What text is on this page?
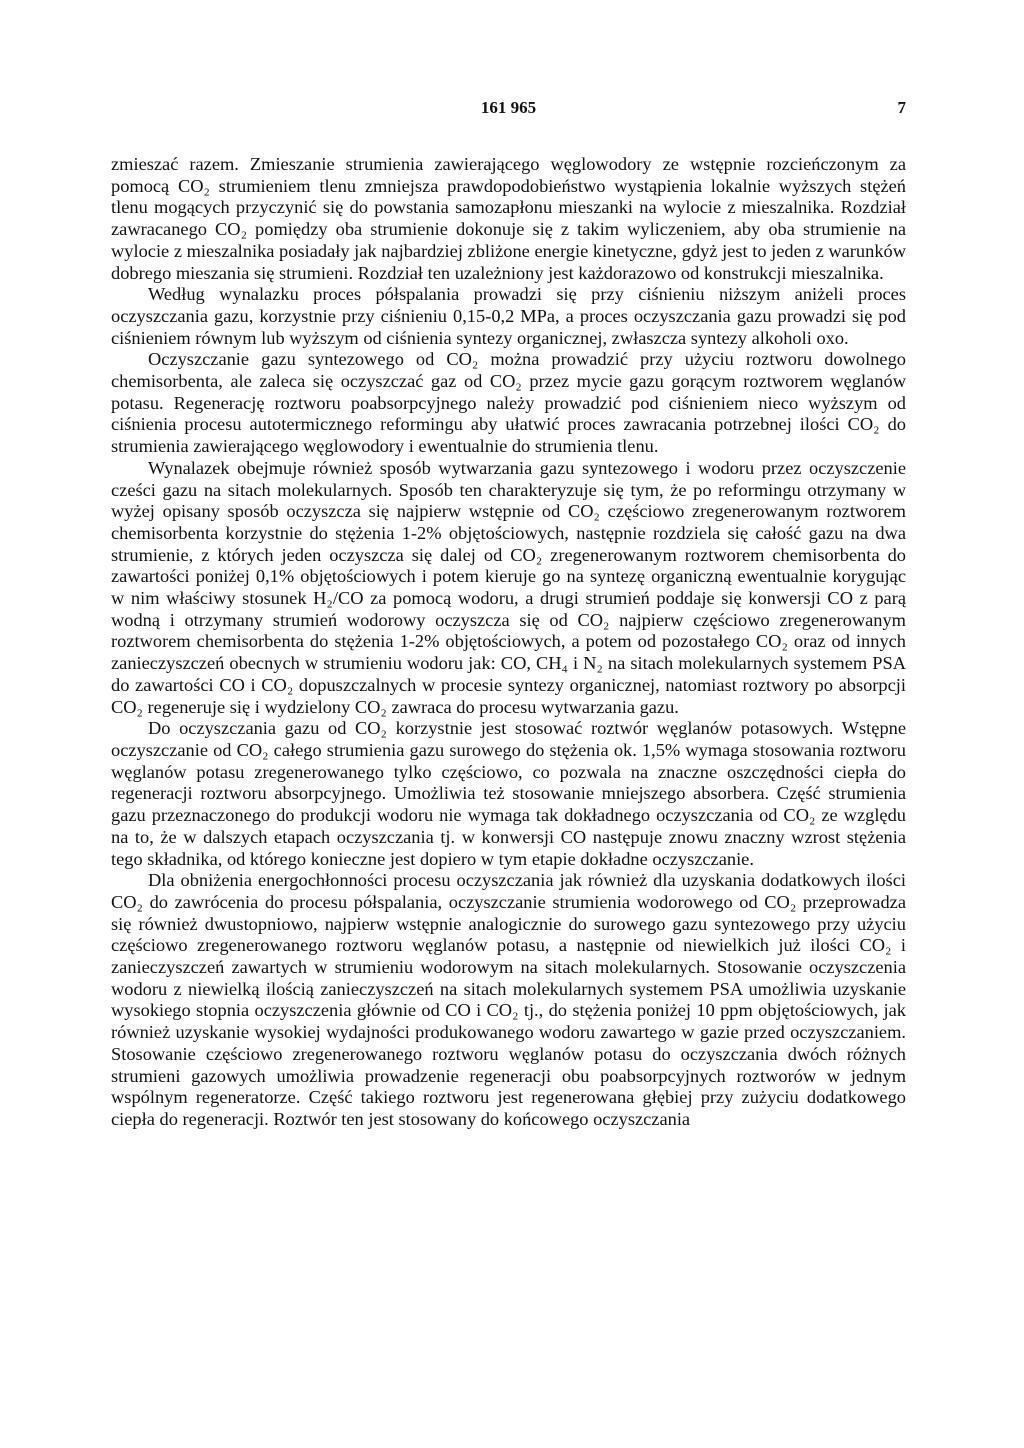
161 965	7

zmieszać razem. Zmieszanie strumienia zawierającego węglowodory ze wstępnie rozcieńczonym za pomocą CO₂ strumieniem tlenu zmniejsza prawdopodobieństwo wystąpienia lokalnie wyższych stężeń tlenu mogących przyczynić się do powstania samozapłonu mieszanki na wylocie z mieszalnika. Rozdział zawracanego CO₂ pomiędzy oba strumienie dokonuje się z takim wyliczeniem, aby oba strumienie na wylocie z mieszalnika posiadały jak najbardziej zbliżone energie kinetyczne, gdyż jest to jeden z warunków dobrego mieszania się strumieni. Rozdział ten uzależniony jest każdorazowo od konstrukcji mieszalnika.

Według wynalazku proces półspalania prowadzi się przy ciśnieniu niższym aniżeli proces oczyszczania gazu, korzystnie przy ciśnieniu 0,15-0,2 MPa, a proces oczyszczania gazu prowadzi się pod ciśnieniem równym lub wyższym od ciśnienia syntezy organicznej, zwłaszcza syntezy alkoholi oxo.

Oczyszczanie gazu syntezowego od CO₂ można prowadzić przy użyciu roztworu dowolnego chemisorbenta, ale zaleca się oczyszczać gaz od CO₂ przez mycie gazu gorącym roztworem węglanów potasu. Regenerację roztworu poabsorpcyjnego należy prowadzić pod ciśnieniem nieco wyższym od ciśnienia procesu autotermicznego reformingu aby ułatwić proces zawracania potrzebnej ilości CO₂ do strumienia zawierającego węglowodory i ewentualnie do strumienia tlenu.

Wynalazek obejmuje również sposób wytwarzania gazu syntezowego i wodoru przez oczyszczenie cześci gazu na sitach molekularnych. Sposób ten charakteryzuje się tym, że po reformingu otrzymany w wyżej opisany sposób oczyszcza się najpierw wstępnie od CO₂ częściowo zregenerowanym roztworem chemisorbenta korzystnie do stężenia 1-2% objętościowych, następnie rozdziela się całość gazu na dwa strumienie, z których jeden oczyszcza się dalej od CO₂ zregenerowanym roztworem chemisorbenta do zawartości poniżej 0,1% objętościowych i potem kieruje go na syntezę organiczną ewentualnie korygując w nim właściwy stosunek H₂/CO za pomocą wodoru, a drugi strumień poddaje się konwersji CO z parą wodną i otrzymany strumień wodorowy oczyszcza się od CO₂ najpierw częściowo zregenerowanym roztworem chemisorbenta do stężenia 1-2% objętościowych, a potem od pozostałego CO₂ oraz od innych zanieczyszczeń obecnych w strumieniu wodoru jak: CO, CH₄ i N₂ na sitach molekularnych systemem PSA do zawartości CO i CO₂ dopuszczalnych w procesie syntezy organicznej, natomiast roztwory po absorpcji CO₂ regeneruje się i wydzielony CO₂ zawraca do procesu wytwarzania gazu.

Do oczyszczania gazu od CO₂ korzystnie jest stosować roztwór węglanów potasowych. Wstępne oczyszczanie od CO₂ całego strumienia gazu surowego do stężenia ok. 1,5% wymaga stosowania roztworu węglanów potasu zregenerowanego tylko częściowo, co pozwala na znaczne oszczędności ciepła do regeneracji roztworu absorpcyjnego. Umożliwia też stosowanie mniejszego absorbera. Część strumienia gazu przeznaczonego do produkcji wodoru nie wymaga tak dokładnego oczyszczania od CO₂ ze względu na to, że w dalszych etapach oczyszczania tj. w konwersji CO następuje znowu znaczny wzrost stężenia tego składnika, od którego konieczne jest dopiero w tym etapie dokładne oczyszczanie.

Dla obniżenia energochłonności procesu oczyszczania jak również dla uzyskania dodatkowych ilości CO₂ do zawrócenia do procesu półspalania, oczyszczanie strumienia wodorowego od CO₂ przeprowadza się również dwustopniowo, najpierw wstępnie analogicznie do surowego gazu syntezowego przy użyciu częściowo zregenerowanego roztworu węglanów potasu, a następnie od niewielkich już ilości CO₂ i zanieczyszczeń zawartych w strumieniu wodorowym na sitach molekularnych. Stosowanie oczyszczenia wodoru z niewielką ilością zanieczyszczeń na sitach molekularnych systemem PSA umożliwia uzyskanie wysokiego stopnia oczyszczenia głównie od CO i CO₂ tj., do stężenia poniżej 10 ppm objętościowych, jak również uzyskanie wysokiej wydajności produkowanego wodoru zawartego w gazie przed oczyszczaniem. Stosowanie częściowo zregenerowanego roztworu węglanów potasu do oczyszczania dwóch różnych strumieni gazowych umożliwia prowadzenie regeneracji obu poabsorpcyjnych roztworów w jednym wspólnym regeneratorze. Część takiego roztworu jest regenerowana głębiej przy zużyciu dodatkowego ciepła do regeneracji. Roztwór ten jest stosowany do końcowego oczyszczania
